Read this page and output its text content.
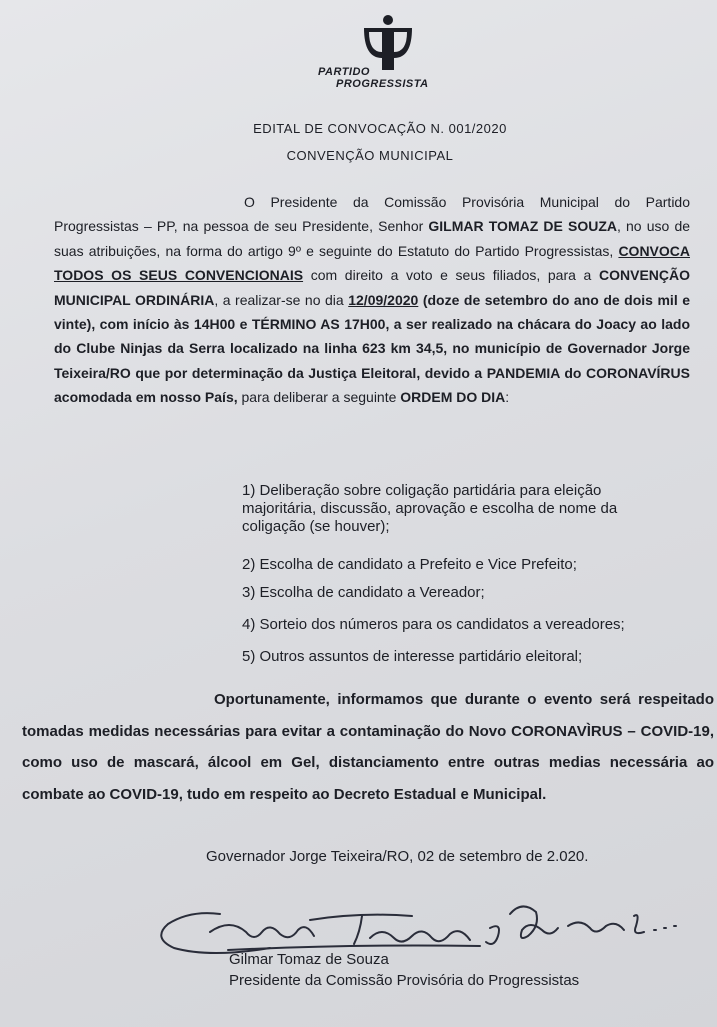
PARTIDO
PROGRESSISTA
EDITAL DE CONVOCAÇÃO N. 001/2020
CONVENÇÃO MUNICIPAL
O Presidente da Comissão Provisória Municipal do Partido Progressistas – PP, na pessoa de seu Presidente, Senhor GILMAR TOMAZ DE SOUZA, no uso de suas atribuições, na forma do artigo 9º e seguinte do Estatuto do Partido Progressistas, CONVOCA TODOS OS SEUS CONVENCIONAIS com direito a voto e seus filiados, para a CONVENÇÃO MUNICIPAL ORDINÁRIA, a realizar-se no dia 12/09/2020 (doze de setembro do ano de dois mil e vinte), com início às 14H00 e TÉRMINO AS 17H00, a ser realizado na chácara do Joacy ao lado do Clube Ninjas da Serra localizado na linha 623 km 34,5, no município de Governador Jorge Teixeira/RO que por determinação da Justiça Eleitoral, devido a PANDEMIA do CORONAVÍRUS acomodada em nosso País, para deliberar a seguinte ORDEM DO DIA:
1) Deliberação sobre coligação partidária para eleição majoritária, discussão, aprovação e escolha de nome da coligação (se houver);
2) Escolha de candidato a Prefeito e Vice Prefeito;
3) Escolha de candidato a Vereador;
4) Sorteio dos números para os candidatos a vereadores;
5) Outros assuntos de interesse partidário eleitoral;
Oportunamente, informamos que durante o evento será respeitado tomadas medidas necessárias para evitar a contaminação do Novo CORONAVÌRUS – COVID-19, como uso de mascará, álcool em Gel, distanciamento entre outras medias necessária ao combate ao COVID-19, tudo em respeito ao Decreto Estadual e Municipal.
Governador Jorge Teixeira/RO, 02 de setembro de 2.020.
Gilmar Tomaz de Souza
Presidente da Comissão Provisória do Progressistas
